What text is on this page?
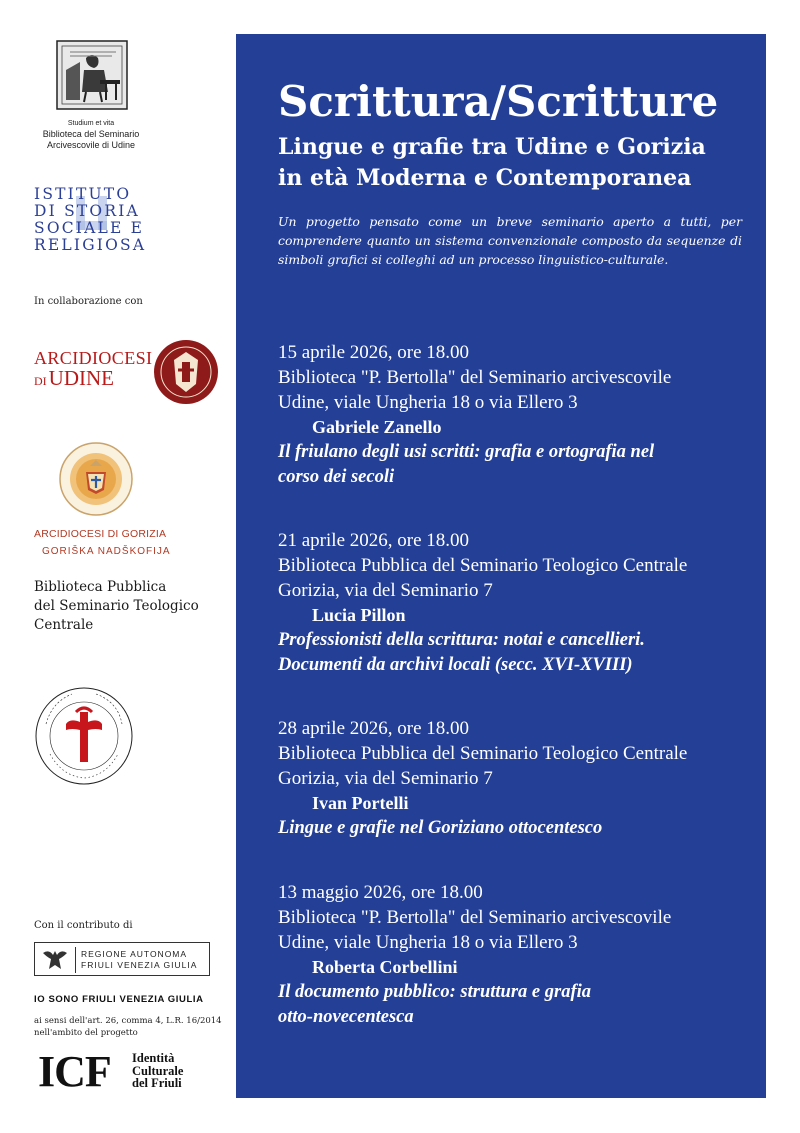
Studium et vita
Biblioteca del Seminario
Arcivescovile di Udine
ISTITUTO
DI STORIA
SOCIALE E
RELIGIOSA
In collaborazione con
ARCIDIOCESI
DIUDINE
ARCIDIOCESI DI GORIZIA
GORIŠKA NADŠKOFIJA
Biblioteca Pubblica
del Seminario Teologico
Centrale
Con il contributo di
REGIONE AUTONOMA
FRIULI VENEZIA GIULIA
IO SONO FRIULI VENEZIA GIULIA
ai sensi dell'art. 26, comma 4, L.R. 16/2014
nell'ambito del progetto
ICF Identità
Culturale
del Friuli
Scrittura/Scritture
Lingue e grafie tra Udine e Gorizia
in età Moderna e Contemporanea

Un progetto pensato come un breve seminario aperto a tutti, per comprendere quanto un sistema convenzionale composto da sequenze di simboli grafici si colleghi ad un processo linguistico-culturale.

15 aprile 2026, ore 18.00
Biblioteca "P. Bertolla" del Seminario arcivescovile
Udine, viale Ungheria 18 o via Ellero 3
Gabriele Zanello
Il friulano degli usi scritti: grafia e ortografia nel
corso dei secoli
21 aprile 2026, ore 18.00
Biblioteca Pubblica del Seminario Teologico Centrale
Gorizia, via del Seminario 7
Lucia Pillon
Professionisti della scrittura: notai e cancellieri.
Documenti da archivi locali (secc. XVI-XVIII)
28 aprile 2026, ore 18.00
Biblioteca Pubblica del Seminario Teologico Centrale
Gorizia, via del Seminario 7
Ivan Portelli
Lingue e grafie nel Goriziano ottocentesco
13 maggio 2026, ore 18.00
Biblioteca "P. Bertolla" del Seminario arcivescovile
Udine, viale Ungheria 18 o via Ellero 3
Roberta Corbellini
Il documento pubblico: struttura e grafia
otto-novecentesca
